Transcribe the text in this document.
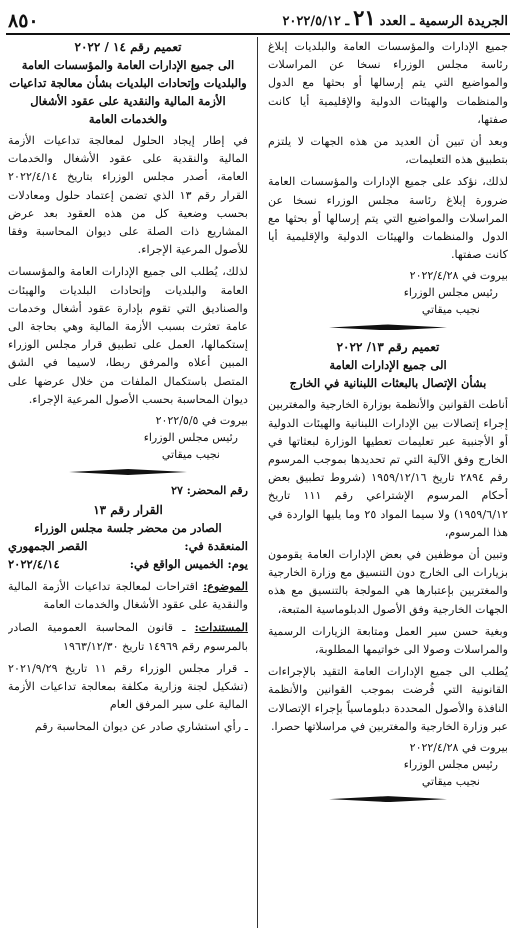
الجريدة الرسمية ـ العدد٢١ـ ٢٠٢٢/٥/١٢
٨٥٠

جميع الإدارات والمؤسسات العامة والبلديات إبلاغ رئاسة مجلس الوزراء نسخا عن المراسلات والمواضيع التي يتم إرسالها أو بحثها مع الدول والمنظمات والهيئات الدولية والإقليمية أيا كانت صفتها،

وبعد أن تبين أن العديد من هذه الجهات لا يلتزم بتطبيق هذه التعليمات،

لذلك، نؤكد على جميع الإدارات والمؤسسات العامة ضرورة إبلاغ رئاسة مجلس الوزراء نسخا عن المراسلات والمواضيع التي يتم إرسالها أو بحثها مع الدول والمنظمات والهيئات الدولية والإقليمية أيا كانت صفتها.

بيروت في ٢٠٢٢/٤/٢٨
رئيس مجلس الوزراء
نجيب ميقاتي

تعميم رقم ١٣/ ٢٠٢٢

الى جميع الإدارات العامة

بشأن الإتصال بالبعثات اللبنانية في الخارج

أناطت القوانين والأنظمة بوزارة الخارجية والمغتربين إجراء إتصالات بين الإدارات اللبنانية والهيئات الدولية أو الأجنبية عبر تعليمات تعطيها الوزارة لبعثاتها في الخارج وفق الآلية التي تم تحديدها بموجب المرسوم رقم ٢٨٩٤ تاريخ ١٩٥٩/١٢/١٦ (شروط تطبيق بعض أحكام المرسوم الإشتراعي رقم ١١١ تاريخ ١٩٥٩/٦/١٢) ولا سيما المواد ٢٥ وما يليها الواردة في هذا المرسوم،

وتبين أن موظفين في بعض الإدارات العامة يقومون بزيارات الى الخارج دون التنسيق مع وزارة الخارجية والمغتربين بإعتبارها هي المولجة بالتنسيق مع هذه الجهات الخارجية وفق الأصول الدبلوماسية المتبعة،

وبغية حسن سير العمل ومتابعة الزيارات الرسمية والمراسلات وصولا الى خواتيمها المطلوبة،

يُطلب الى جميع الإدارات العامة التقيد بالإجراءات القانونية التي فُرضت بموجب القوانين والأنظمة النافذة والأصول المحددة دبلوماسياً بإجراء الإتصالات عبر وزارة الخارجية والمغتربين في مراسلاتها حصرا.

بيروت في ٢٠٢٢/٤/٢٨
رئيس مجلس الوزراء
نجيب ميقاتي

تعميم رقم ١٤ / ٢٠٢٢

الى جميع الإدارات العامة والمؤسسات العامة والبلديات وإتحادات البلديات بشأن معالجة تداعيات الأزمة المالية والنقدية على عقود الأشغال والخدمات العامة

في إطار إيجاد الحلول لمعالجة تداعيات الأزمة المالية والنقدية على عقود الأشغال والخدمات العامة، أصدر مجلس الوزراء بتاريخ ٢٠٢٢/٤/١٤ القرار رقم ١٣ الذي تضمن إعتماد حلول ومعادلات بحسب وضعية كل من هذه العقود بعد عرض المشاريع ذات الصلة على ديوان المحاسبة وفقا للأصول المرعية الإجراء.

لذلك، يُطلب الى جميع الإدارات العامة والمؤسسات العامة والبلديات وإتحادات البلديات والهيئات والصناديق التي تقوم بإدارة عقود أشغال وخدمات عامة تعثرت بسبب الأزمة المالية وهي بحاجة الى إستكمالها، العمل على تطبيق قرار مجلس الوزراء المبين أعلاه والمرفق ربطا، لاسيما في الشق المتصل باستكمال الملفات من خلال عرضها على ديوان المحاسبة بحسب الأصول المرعية الإجراء.

بيروت في ٢٠٢٢/٥/٥
رئيس مجلس الوزراء
نجيب ميقاتي
رقم المحضر: ٢٧

القرار رقم ١٣

الصادر من محضر جلسة مجلس الوزراء

المنعقدة في:
القصر الجمهوري
يوم: الخميس الواقع في:
٢٠٢٢/٤/١٤

الموضوع: اقتراحات لمعالجة تداعيات الأزمة المالية والنقدية على عقود الأشغال والخدمات العامة

المستندات: ـ قانون المحاسبة العمومية الصادر بالمرسوم رقم ١٤٩٦٩ تاريخ ١٩٦٣/١٢/٣٠

ـ قرار مجلس الوزراء رقم ١١ تاريخ ٢٠٢١/٩/٢٩ (تشكيل لجنة وزارية مكلفة بمعالجة تداعيات الأزمة المالية على سير المرفق العام

ـ رأي استشاري صادر عن ديوان المحاسبة رقم
